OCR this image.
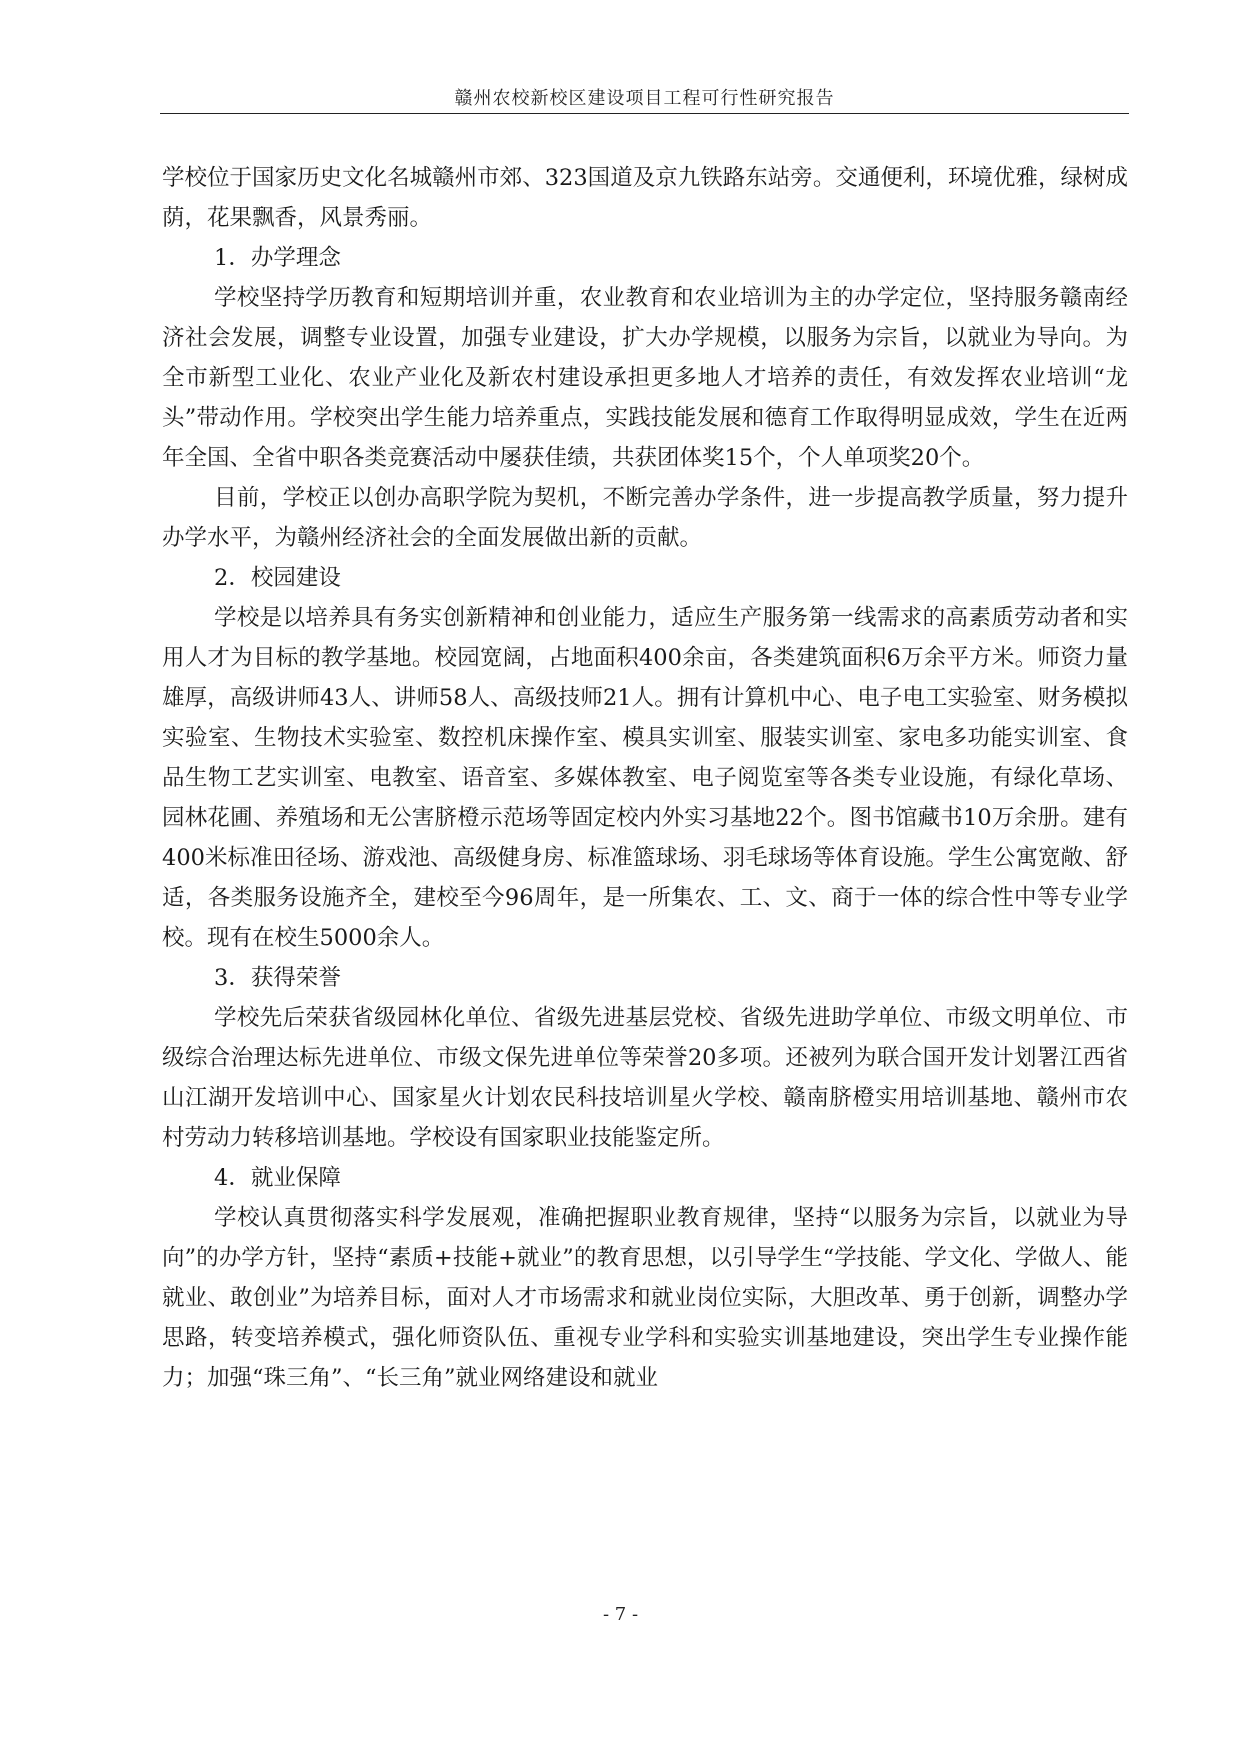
赣州农校新校区建设项目工程可行性研究报告

学校位于国家历史文化名城赣州市郊、323国道及京九铁路东站旁。交通便利，环境优雅，绿树成荫，花果飘香，风景秀丽。

1．办学理念

学校坚持学历教育和短期培训并重，农业教育和农业培训为主的办学定位，坚持服务赣南经济社会发展，调整专业设置，加强专业建设，扩大办学规模，以服务为宗旨，以就业为导向。为全市新型工业化、农业产业化及新农村建设承担更多地人才培养的责任，有效发挥农业培训“龙头”带动作用。学校突出学生能力培养重点，实践技能发展和德育工作取得明显成效，学生在近两年全国、全省中职各类竞赛活动中屡获佳绩，共获团体奖15个，个人单项奖20个。

目前，学校正以创办高职学院为契机，不断完善办学条件，进一步提高教学质量，努力提升办学水平，为赣州经济社会的全面发展做出新的贡献。

2．校园建设

学校是以培养具有务实创新精神和创业能力，适应生产服务第一线需求的高素质劳动者和实用人才为目标的教学基地。校园宽阔，占地面积400余亩，各类建筑面积6万余平方米。师资力量雄厚，高级讲师43人、讲师58人、高级技师21人。拥有计算机中心、电子电工实验室、财务模拟实验室、生物技术实验室、数控机床操作室、模具实训室、服装实训室、家电多功能实训室、食品生物工艺实训室、电教室、语音室、多媒体教室、电子阅览室等各类专业设施，有绿化草场、园林花圃、养殖场和无公害脐橙示范场等固定校内外实习基地22个。图书馆藏书10万余册。建有400米标准田径场、游戏池、高级健身房、标准篮球场、羽毛球场等体育设施。学生公寓宽敞、舒适，各类服务设施齐全，建校至今96周年，是一所集农、工、文、商于一体的综合性中等专业学校。现有在校生5000余人。

3．获得荣誉

学校先后荣获省级园林化单位、省级先进基层党校、省级先进助学单位、市级文明单位、市级综合治理达标先进单位、市级文保先进单位等荣誉20多项。还被列为联合国开发计划署江西省山江湖开发培训中心、国家星火计划农民科技培训星火学校、赣南脐橙实用培训基地、赣州市农村劳动力转移培训基地。学校设有国家职业技能鉴定所。

4．就业保障

学校认真贯彻落实科学发展观，准确把握职业教育规律，坚持“以服务为宗旨，以就业为导向”的办学方针，坚持“素质+技能+就业”的教育思想，以引导学生“学技能、学文化、学做人、能就业、敢创业”为培养目标，面对人才市场需求和就业岗位实际，大胆改革、勇于创新，调整办学思路，转变培养模式，强化师资队伍、重视专业学科和实验实训基地建设，突出学生专业操作能力；加强“珠三角”、“长三角”就业网络建设和就业

- 7 -
